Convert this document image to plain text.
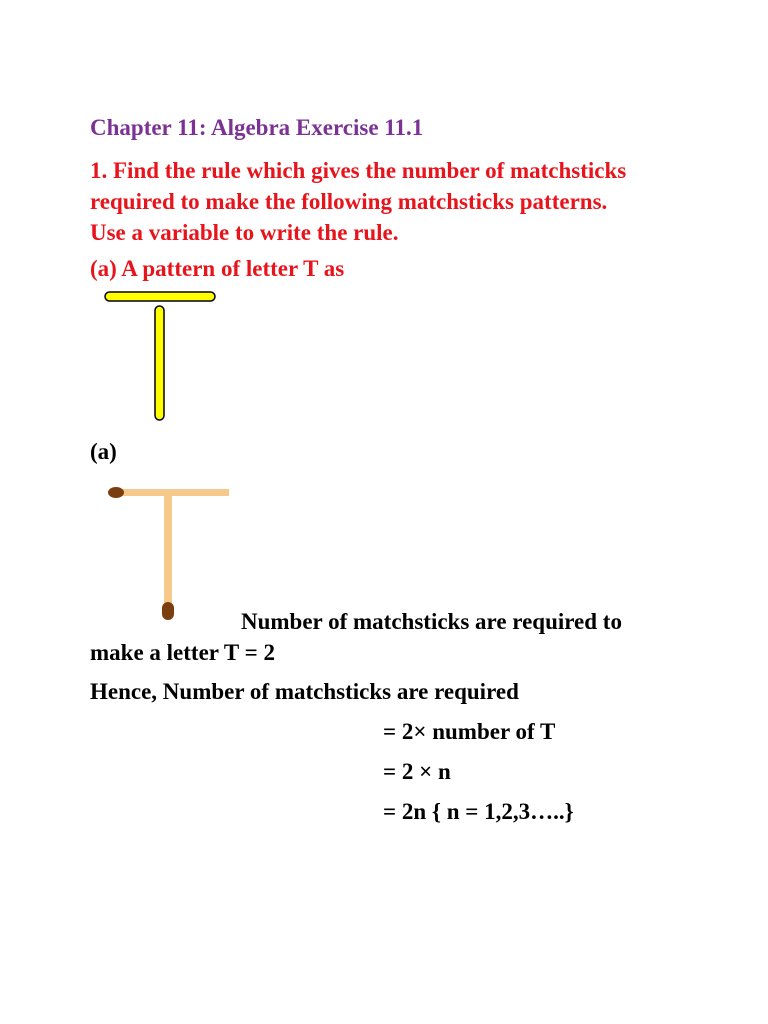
Chapter 11: Algebra Exercise 11.1
1. Find the rule which gives the number of matchsticks
required to make the following matchsticks patterns.
Use a variable to write the rule.
(a) A pattern of letter T as
(a)
Number of matchsticks are required to
make a letter T = 2
Hence, Number of matchsticks are required
= 2× number of T
= 2 × n
= 2n { n = 1,2,3…..}
